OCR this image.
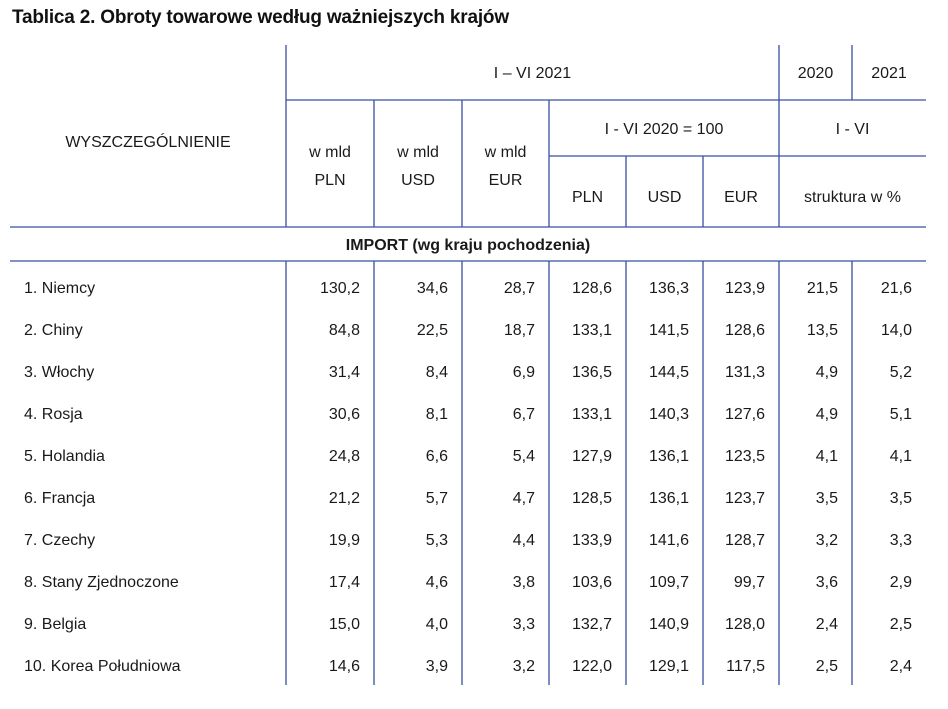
Tablica 2. Obroty towarowe według ważniejszych krajów
WYSZCZEGÓLNIENIE
I – VI 2021	2020	2021
w mld
PLN
w mld
USD
w mld
EUR
I - VI 2020 = 100	I - VI
PLN	USD	EUR	struktura w %
IMPORT (wg kraju pochodzenia)
1. Niemcy	130,2	34,6	28,7	128,6	136,3	123,9	21,5	21,6
2. Chiny	84,8	22,5	18,7	133,1	141,5	128,6	13,5	14,0
3. Włochy	31,4	8,4	6,9	136,5	144,5	131,3	4,9	5,2
4. Rosja	30,6	8,1	6,7	133,1	140,3	127,6	4,9	5,1
5. Holandia	24,8	6,6	5,4	127,9	136,1	123,5	4,1	4,1
6. Francja	21,2	5,7	4,7	128,5	136,1	123,7	3,5	3,5
7. Czechy	19,9	5,3	4,4	133,9	141,6	128,7	3,2	3,3
8. Stany Zjednoczone	17,4	4,6	3,8	103,6	109,7	99,7	3,6	2,9
9. Belgia	15,0	4,0	3,3	132,7	140,9	128,0	2,4	2,5
10. Korea Południowa	14,6	3,9	3,2	122,0	129,1	117,5	2,5	2,4
